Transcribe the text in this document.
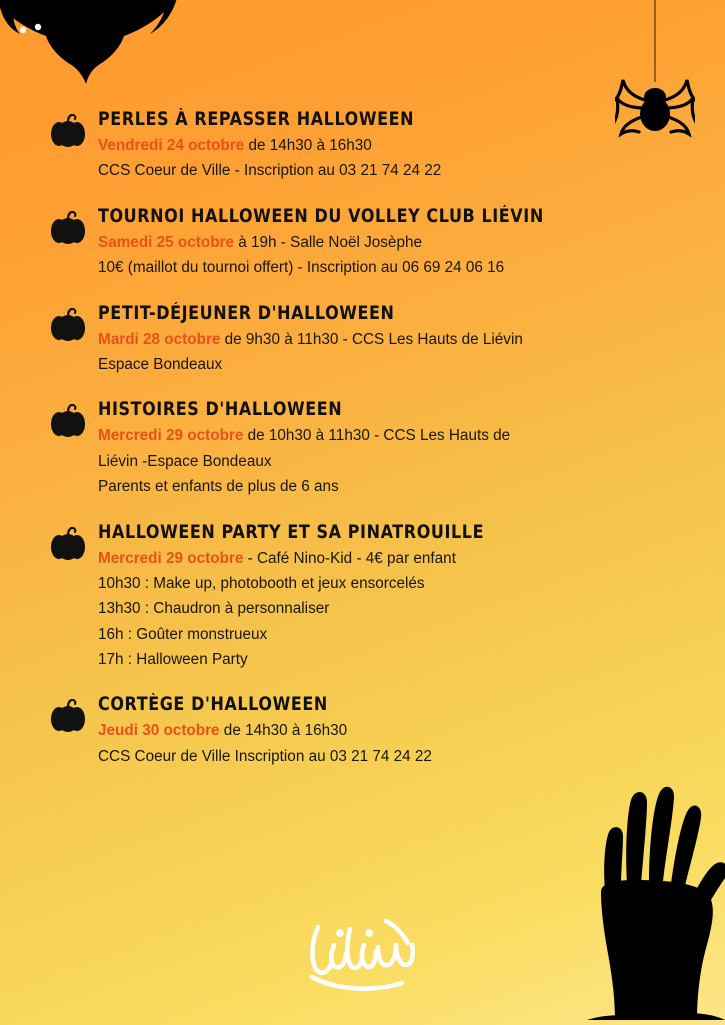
PERLES À REPASSER HALLOWEEN

Vendredi 24 octobre de 14h30 à 16h30

CCS Coeur de Ville - Inscription au 03 21 74 24 22

TOURNOI HALLOWEEN DU VOLLEY CLUB LIÉVIN

Samedi 25 octobre à 19h - Salle Noël Josèphe

10€ (maillot du tournoi offert) - Inscription au 06 69 24 06 16

PETIT-DÉJEUNER D'HALLOWEEN

Mardi 28 octobre de 9h30 à 11h30 - CCS Les Hauts de Liévin

Espace Bondeaux

HISTOIRES D'HALLOWEEN

Mercredi 29 octobre de 10h30 à 11h30 - CCS Les Hauts de

Liévin -Espace Bondeaux

Parents et enfants de plus de 6 ans

HALLOWEEN PARTY ET SA PINATROUILLE

Mercredi 29 octobre - Café Nino-Kid - 4€ par enfant

10h30 : Make up, photobooth et jeux ensorcelés

13h30 : Chaudron à personnaliser

16h : Goûter monstrueux

17h : Halloween Party

CORTÈGE D'HALLOWEEN

Jeudi 30 octobre de 14h30 à 16h30

CCS Coeur de Ville Inscription au 03 21 74 24 22
